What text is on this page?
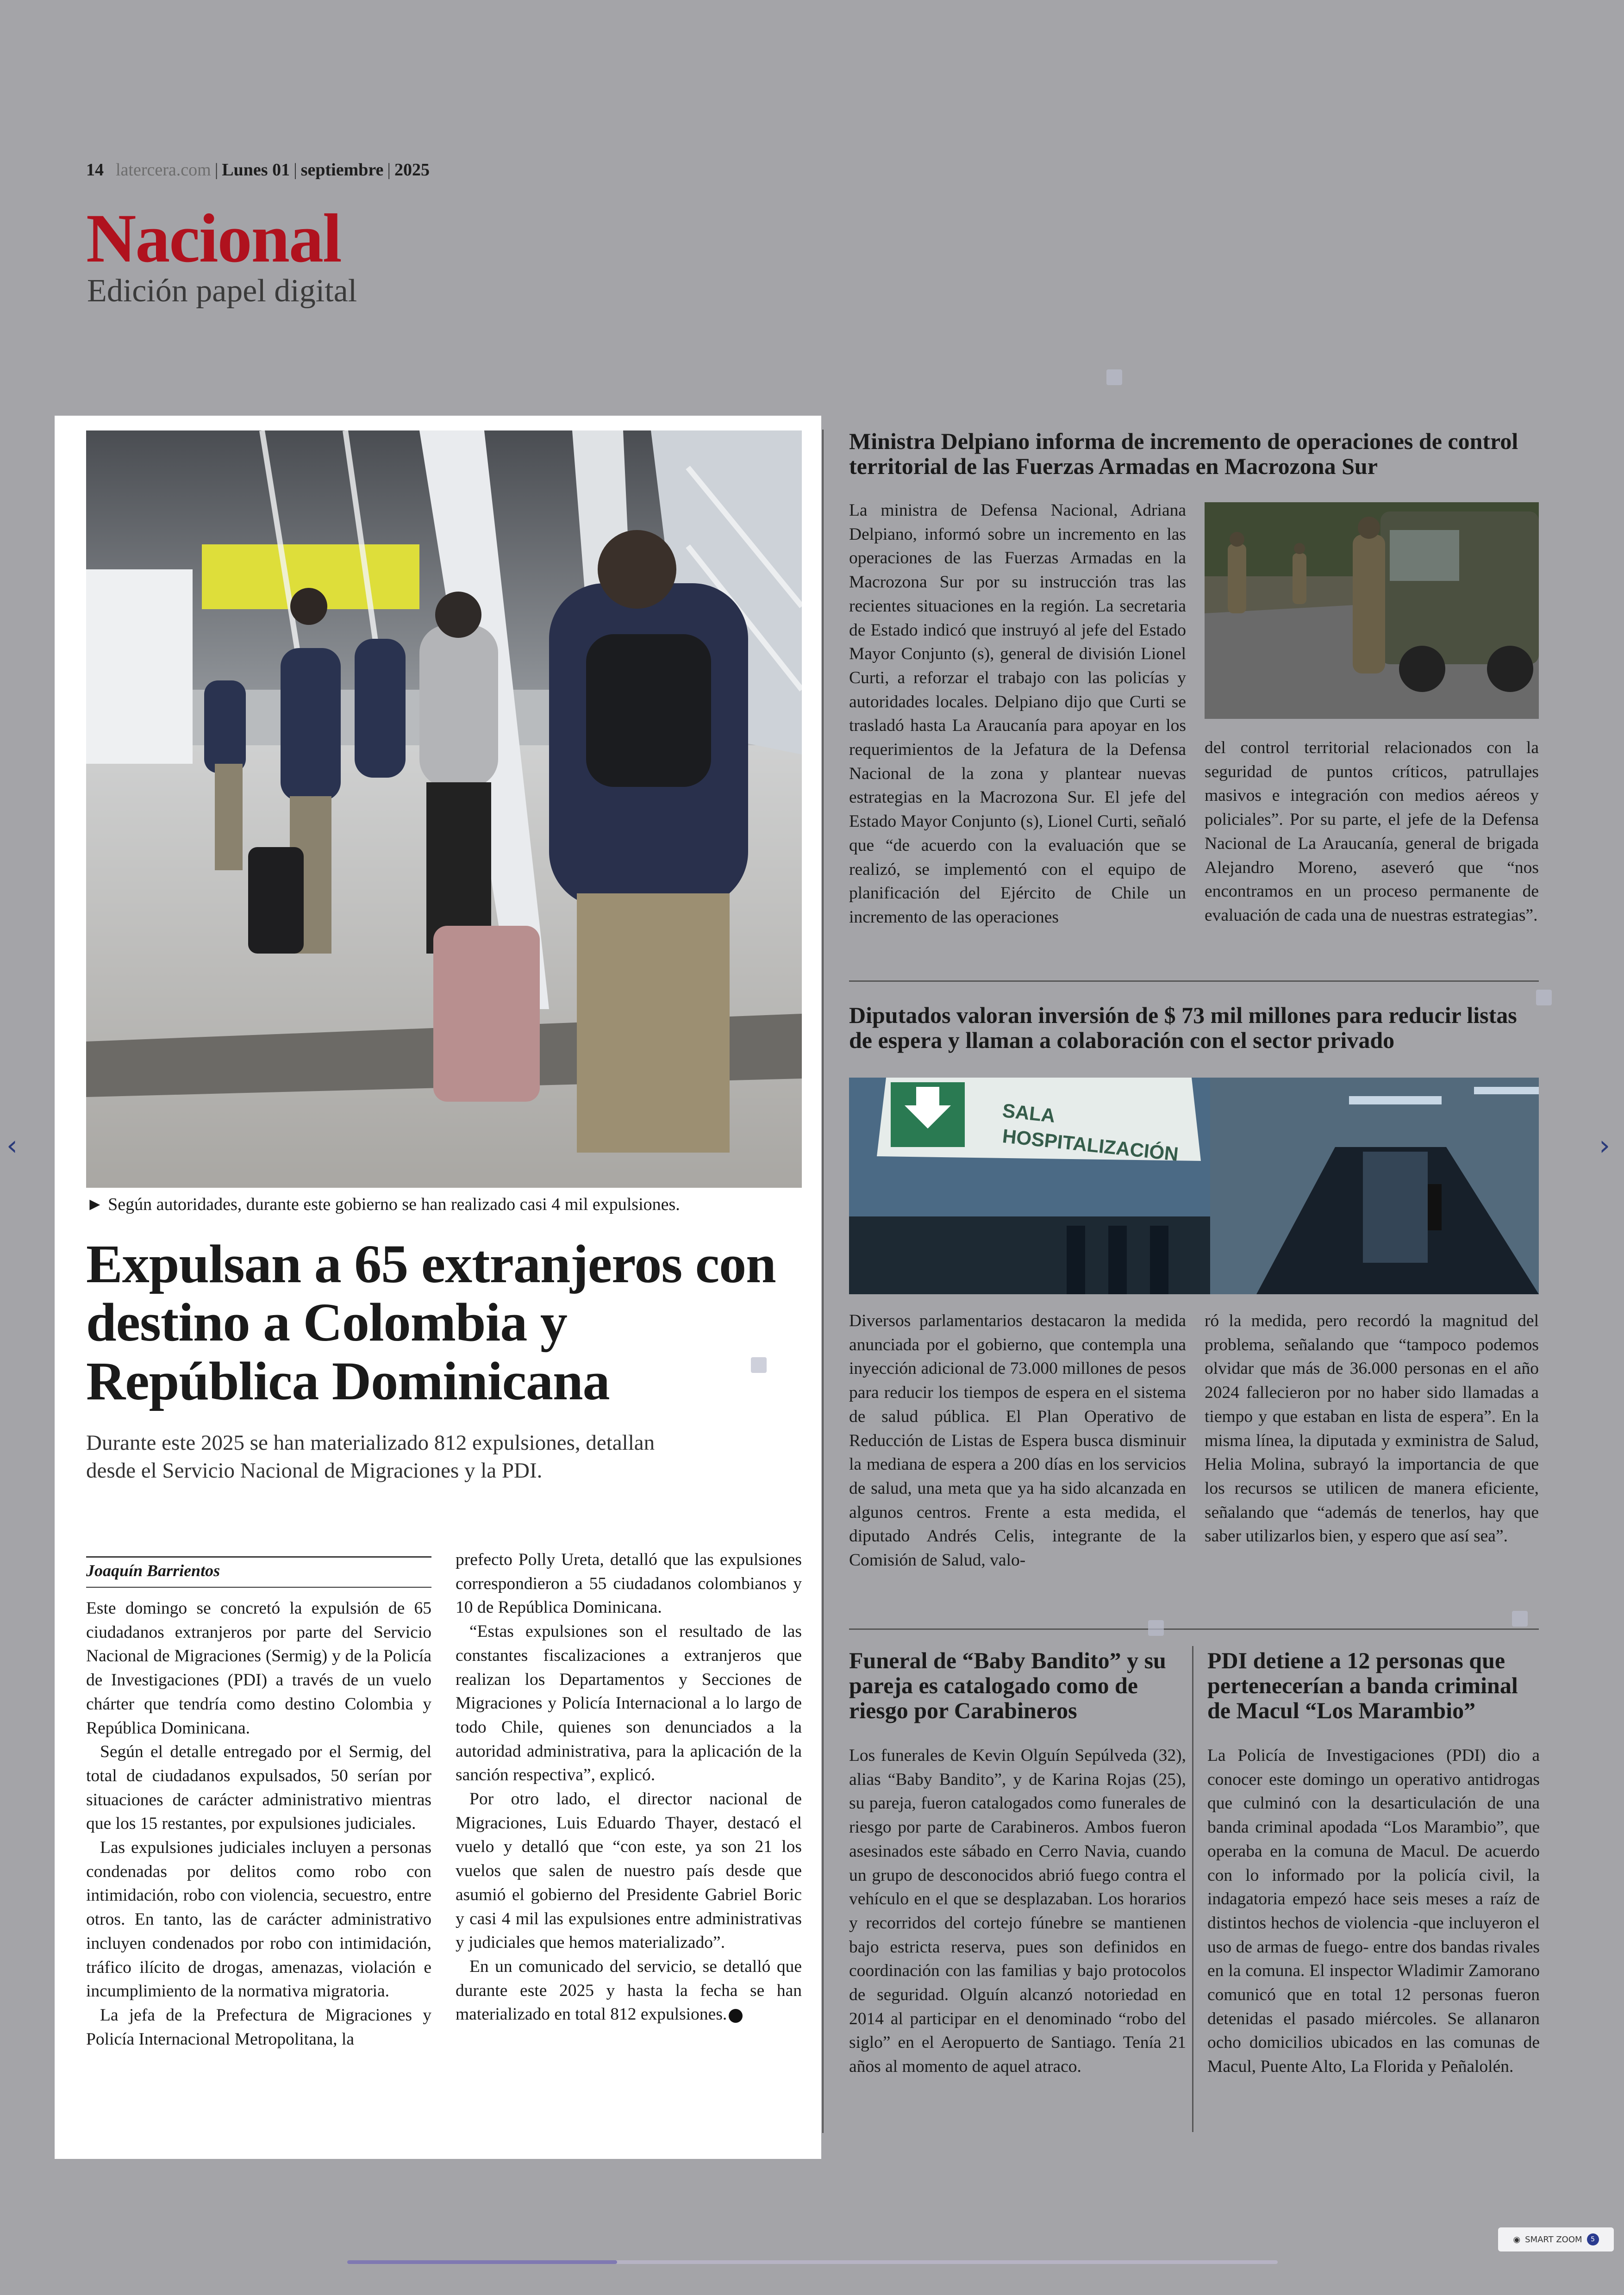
14 latercera.com | Lunes 01 | septiembre | 2025
Nacional
Edición papel digital
► Según autoridades, durante este gobierno se han realizado casi 4 mil expulsiones.
Expulsan a 65 extranjeros con destino a Colombia y República Dominicana
Durante este 2025 se han materializado 812 expulsiones, detallan desde el Servicio Nacional de Migraciones y la PDI.
Joaquín Barrientos

Este domingo se concretó la expulsión de 65 ciudadanos extranjeros por parte del Servicio Nacional de Migraciones (Sermig) y de la Policía de Investigaciones (PDI) a través de un vuelo chárter que tendría como destino Colombia y República Dominicana.

Según el detalle entregado por el Sermig, del total de ciudadanos expulsados, 50 serían por situaciones de carácter administrativo mientras que los 15 restantes, por expulsiones judiciales.

Las expulsiones judiciales incluyen a personas condenadas por delitos como robo con intimidación, robo con violencia, secuestro, entre otros. En tanto, las de carácter administrativo incluyen condenados por robo con intimidación, tráfico ilícito de drogas, amenazas, violación e incumplimiento de la normativa migratoria.

La jefa de la Prefectura de Migraciones y Policía Internacional Metropolitana, la

prefecto Polly Ureta, detalló que las expulsiones correspondieron a 55 ciudadanos colombianos y 10 de República Dominicana.

“Estas expulsiones son el resultado de las constantes fiscalizaciones a extranjeros que realizan los Departamentos y Secciones de Migraciones y Policía Internacional a lo largo de todo Chile, quienes son denunciados a la autoridad administrativa, para la aplicación de la sanción respectiva”, explicó.

Por otro lado, el director nacional de Migraciones, Luis Eduardo Thayer, destacó el vuelo y detalló que “con este, ya son 21 los vuelos que salen de nuestro país desde que asumió el gobierno del Presidente Gabriel Boric y casi 4 mil las expulsiones entre administrativas y judiciales que hemos materializado”.

En un comunicado del servicio, se detalló que durante este 2025 y hasta la fecha se han materializado en total 812 expulsiones.

Ministra Delpiano informa de incremento de operaciones de control territorial de las Fuerzas Armadas en Macrozona Sur
La ministra de Defensa Nacional, Adriana Delpiano, informó sobre un incremento en las operaciones de las Fuerzas Armadas en la Macrozona Sur por su instrucción tras las recientes situaciones en la región. La secretaria de Estado indicó que instruyó al jefe del Estado Mayor Conjunto (s), general de división Lionel Curti, a reforzar el trabajo con las policías y autoridades locales. Delpiano dijo que Curti se trasladó hasta La Araucanía para apoyar en los requerimientos de la Jefatura de la Defensa Nacional de la zona y plantear nuevas estrategias en la Macrozona Sur. El jefe del Estado Mayor Conjunto (s), Lionel Curti, señaló que “de acuerdo con la evaluación que se realizó, se implementó con el equipo de planificación del Ejército de Chile un incremento de las operaciones
del control territorial relacionados con la seguridad de puntos críticos, patrullajes masivos e integración con medios aéreos y policiales”. Por su parte, el jefe de la Defensa Nacional de La Araucanía, general de brigada Alejandro Moreno, aseveró que “nos encontramos en un proceso permanente de evaluación de cada una de nuestras estrategias”.
Diputados valoran inversión de $ 73 mil millones para reducir listas de espera y llaman a colaboración con el sector privado
SALA
HOSPITALIZACIÓN
Diversos parlamentarios destacaron la medida anunciada por el gobierno, que contempla una inyección adicional de 73.000 millones de pesos para reducir los tiempos de espera en el sistema de salud pública. El Plan Operativo de Reducción de Listas de Espera busca disminuir la mediana de espera a 200 días en los servicios de salud, una meta que ya ha sido alcanzada en algunos centros. Frente a esta medida, el diputado Andrés Celis, integrante de la Comisión de Salud, valo-
ró la medida, pero recordó la magnitud del problema, señalando que “tampoco podemos olvidar que más de 36.000 personas en el año 2024 fallecieron por no haber sido llamadas a tiempo y que estaban en lista de espera”. En la misma línea, la diputada y exministra de Salud, Helia Molina, subrayó la importancia de que los recursos se utilicen de manera eficiente, señalando que “además de tenerlos, hay que saber utilizarlos bien, y espero que así sea”.
Funeral de “Baby Bandito” y su pareja es catalogado como de riesgo por Carabineros
Los funerales de Kevin Olguín Sepúlveda (32), alias “Baby Bandito”, y de Karina Rojas (25), su pareja, fueron catalogados como funerales de riesgo por parte de Carabineros. Ambos fueron asesinados este sábado en Cerro Navia, cuando un grupo de desconocidos abrió fuego contra el vehículo en el que se desplazaban. Los horarios y recorridos del cortejo fúnebre se mantienen bajo estricta reserva, pues son definidos en coordinación con las familias y bajo protocolos de seguridad. Olguín alcanzó notoriedad en 2014 al participar en el denominado “robo del siglo” en el Aeropuerto de Santiago. Tenía 21 años al momento de aquel atraco.
PDI detiene a 12 personas que pertenecerían a banda criminal de Macul “Los Marambio”
La Policía de Investigaciones (PDI) dio a conocer este domingo un operativo antidrogas que culminó con la desarticulación de una banda criminal apodada “Los Marambio”, que operaba en la comuna de Macul. De acuerdo con lo informado por la policía civil, la indagatoria empezó hace seis meses a raíz de distintos hechos de violencia -que incluyeron el uso de armas de fuego- entre dos bandas rivales en la comuna. El inspector Wladimir Zamorano comunicó que en total 12 personas fueron detenidas el pasado miércoles. Se allanaron ocho domicilios ubicados en las comunas de Macul, Puente Alto, La Florida y Peñalolén.
‹	›
◉ SMART ZOOM	5
